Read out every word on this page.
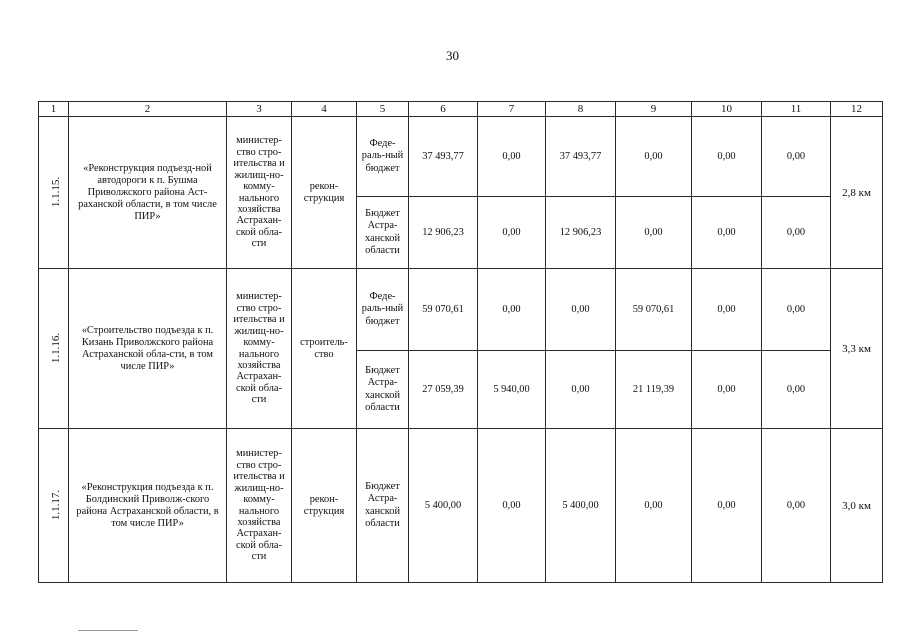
30
1	2	3	4	5	6	7	8	9	10	11	12
1.1.15.	«Реконструкция подъезд-ной автодороги к п. Бушма Приволжского района Аст-раханской области, в том числе ПИР»	министер-ство стро-ительства и жилищ-но-комму-нального хозяйства Астрахан-ской обла-сти	рекон-струкция	Феде-раль-ный бюджет	37 493,77	0,00	37 493,77	0,00	0,00	0,00	2,8 км
				Бюджет Астра-ханской области	12 906,23	0,00	12 906,23	0,00	0,00	0,00	
1.1.16.	«Строительство подъезда к п. Кизань Приволжского района Астраханской обла-сти, в том числе ПИР»	министер-ство стро-ительства и жилищ-но-комму-нального хозяйства Астрахан-ской обла-сти	строитель-ство	Феде-раль-ный бюджет	59 070,61	0,00	0,00	59 070,61	0,00	0,00	3,3 км
				Бюджет Астра-ханской области	27 059,39	5 940,00	0,00	21 119,39	0,00	0,00	
1.1.17.	«Реконструкция подъезда к п. Болдинский Приволж-ского района Астраханской области, в том числе ПИР»	министер-ство стро-ительства и жилищ-но-комму-нального хозяйства Астрахан-ской обла-сти	рекон-струкция	Бюджет Астра-ханской области	5 400,00	0,00	5 400,00	0,00	0,00	0,00	3,0 км
